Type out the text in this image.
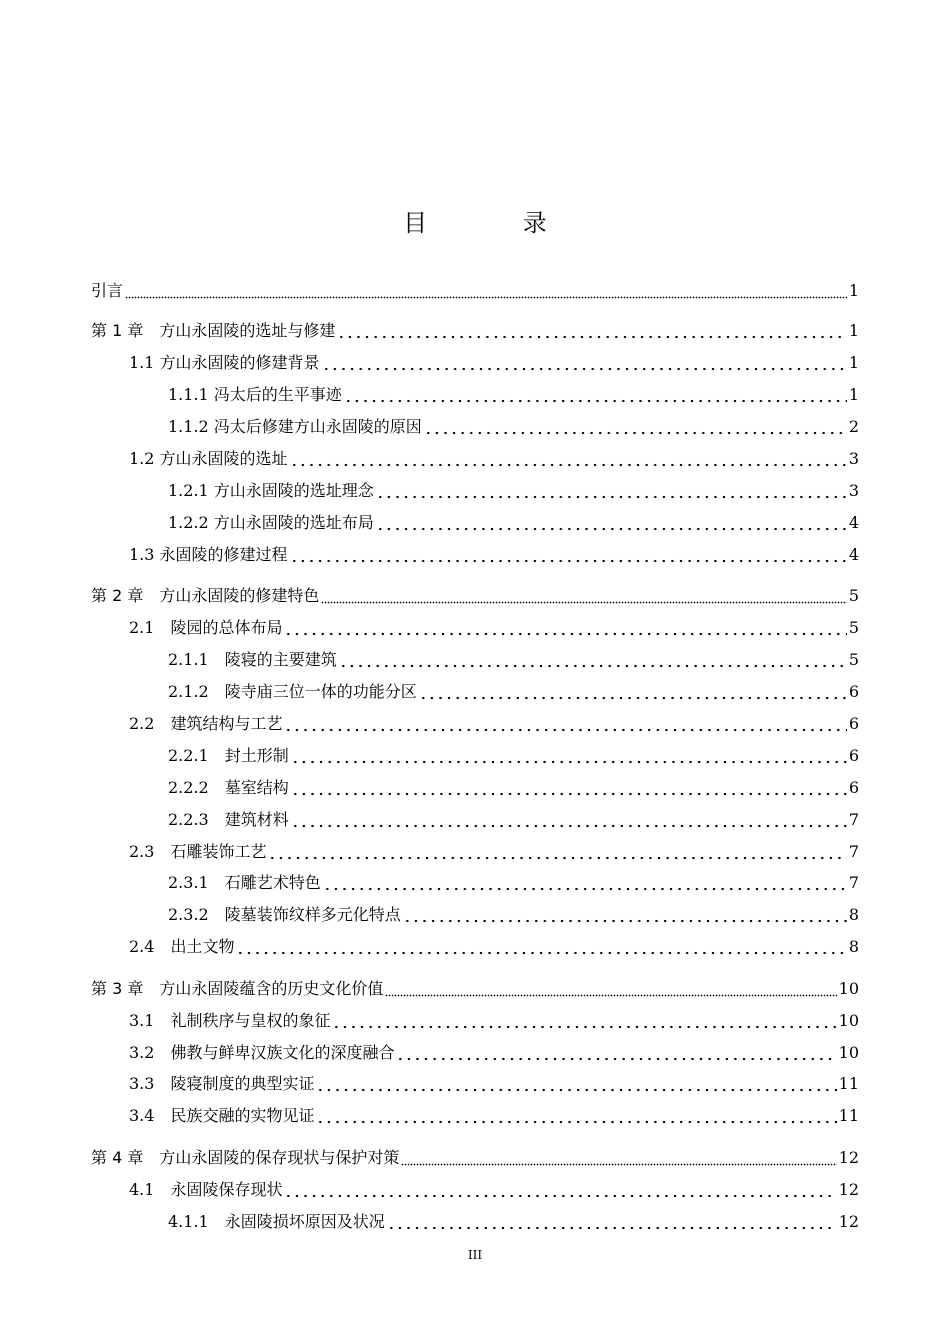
目 录
引言	1
第 1 章　方山永固陵的选址与修建	1
1.1 方山永固陵的修建背景	1
1.1.1 冯太后的生平事迹	1
1.1.2 冯太后修建方山永固陵的原因	2
1.2 方山永固陵的选址	3
1.2.1 方山永固陵的选址理念	3
1.2.2 方山永固陵的选址布局	4
1.3 永固陵的修建过程	4
第 2 章　方山永固陵的修建特色	5
2.1　陵园的总体布局	5
2.1.1　陵寝的主要建筑	5
2.1.2　陵寺庙三位一体的功能分区	6
2.2　建筑结构与工艺	6
2.2.1　封土形制	6
2.2.2　墓室结构	6
2.2.3　建筑材料	7
2.3　石雕装饰工艺	7
2.3.1　石雕艺术特色	7
2.3.2　陵墓装饰纹样多元化特点	8
2.4　出土文物	8
第 3 章　方山永固陵蕴含的历史文化价值	10
3.1　礼制秩序与皇权的象征	10
3.2　佛教与鲜卑汉族文化的深度融合	10
3.3　陵寝制度的典型实证	11
3.4　民族交融的实物见证	11
第 4 章　方山永固陵的保存现状与保护对策	12
4.1　永固陵保存现状	12
4.1.1　永固陵损坏原因及状况	12
III
